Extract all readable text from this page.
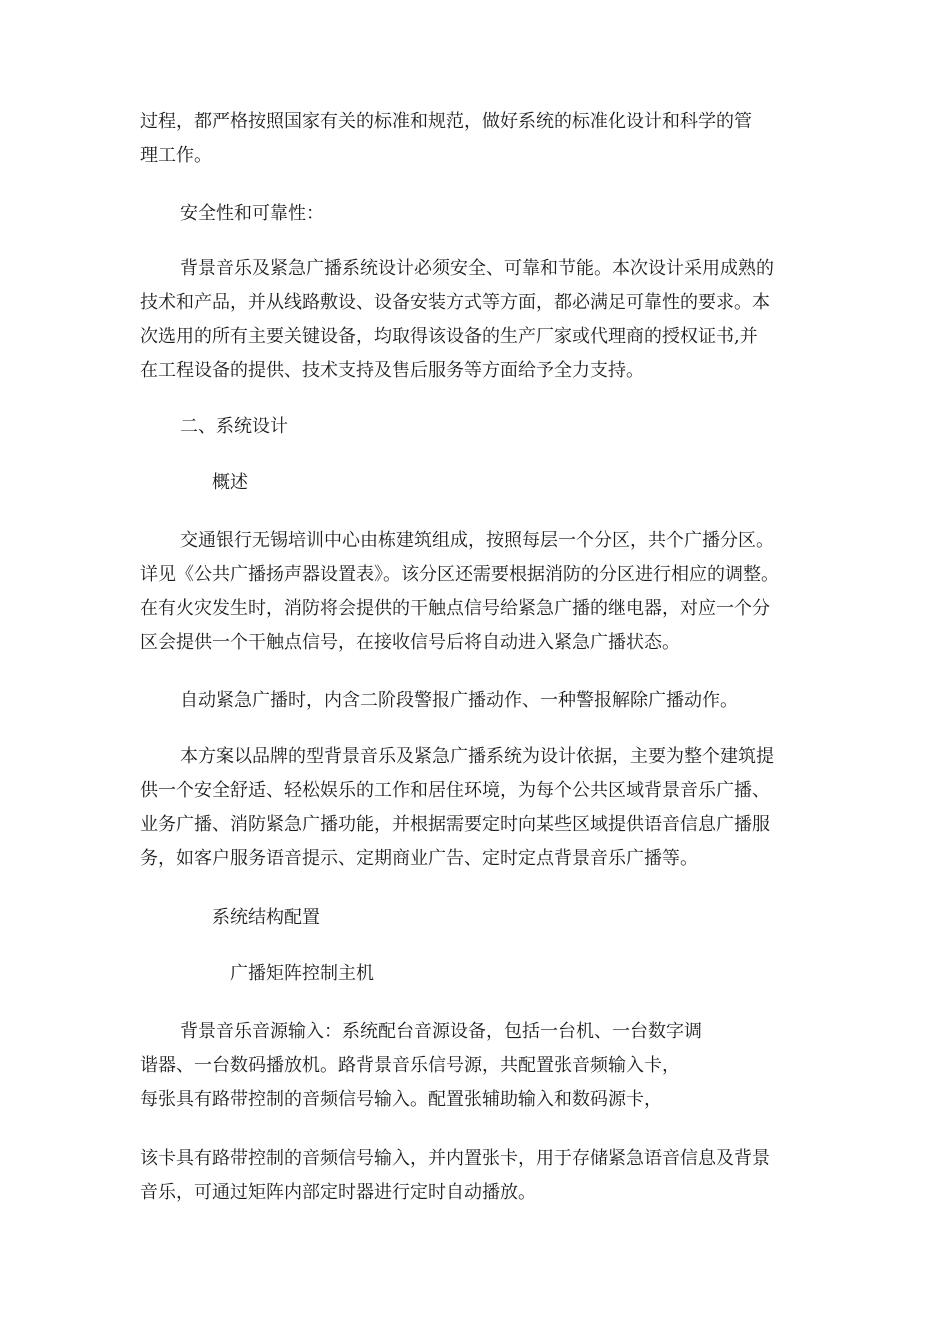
过程，都严格按照国家有关的标准和规范，做好系统的标准化设计和科学的管
理工作。
安全性和可靠性：
背景音乐及紧急广播系统设计必须安全、可靠和节能。本次设计采用成熟的
技术和产品，并从线路敷设、设备安装方式等方面，都必满足可靠性的要求。本
次选用的所有主要关键设备，均取得该设备的生产厂家或代理商的授权证书,并
在工程设备的提供、技术支持及售后服务等方面给予全力支持。
二、系统设计
概述
交通银行无锡培训中心由栋建筑组成，按照每层一个分区，共个广播分区。
详见《公共广播扬声器设置表》。该分区还需要根据消防的分区进行相应的调整。
在有火灾发生时，消防将会提供的干触点信号给紧急广播的继电器，对应一个分
区会提供一个干触点信号，在接收信号后将自动进入紧急广播状态。
自动紧急广播时，内含二阶段警报广播动作、一种警报解除广播动作。
本方案以品牌的型背景音乐及紧急广播系统为设计依据，主要为整个建筑提
供一个安全舒适、轻松娱乐的工作和居住环境，为每个公共区域背景音乐广播、
业务广播、消防紧急广播功能，并根据需要定时向某些区域提供语音信息广播服
务，如客户服务语音提示、定期商业广告、定时定点背景音乐广播等。
系统结构配置
广播矩阵控制主机
背景音乐音源输入：系统配台音源设备，包括一台机、一台数字调
谐器、一台数码播放机。路背景音乐信号源，共配置张音频输入卡，
每张具有路带控制的音频信号输入。配置张辅助输入和数码源卡，
该卡具有路带控制的音频信号输入，并内置张卡，用于存储紧急语音信息及背景
音乐，可通过矩阵内部定时器进行定时自动播放。
